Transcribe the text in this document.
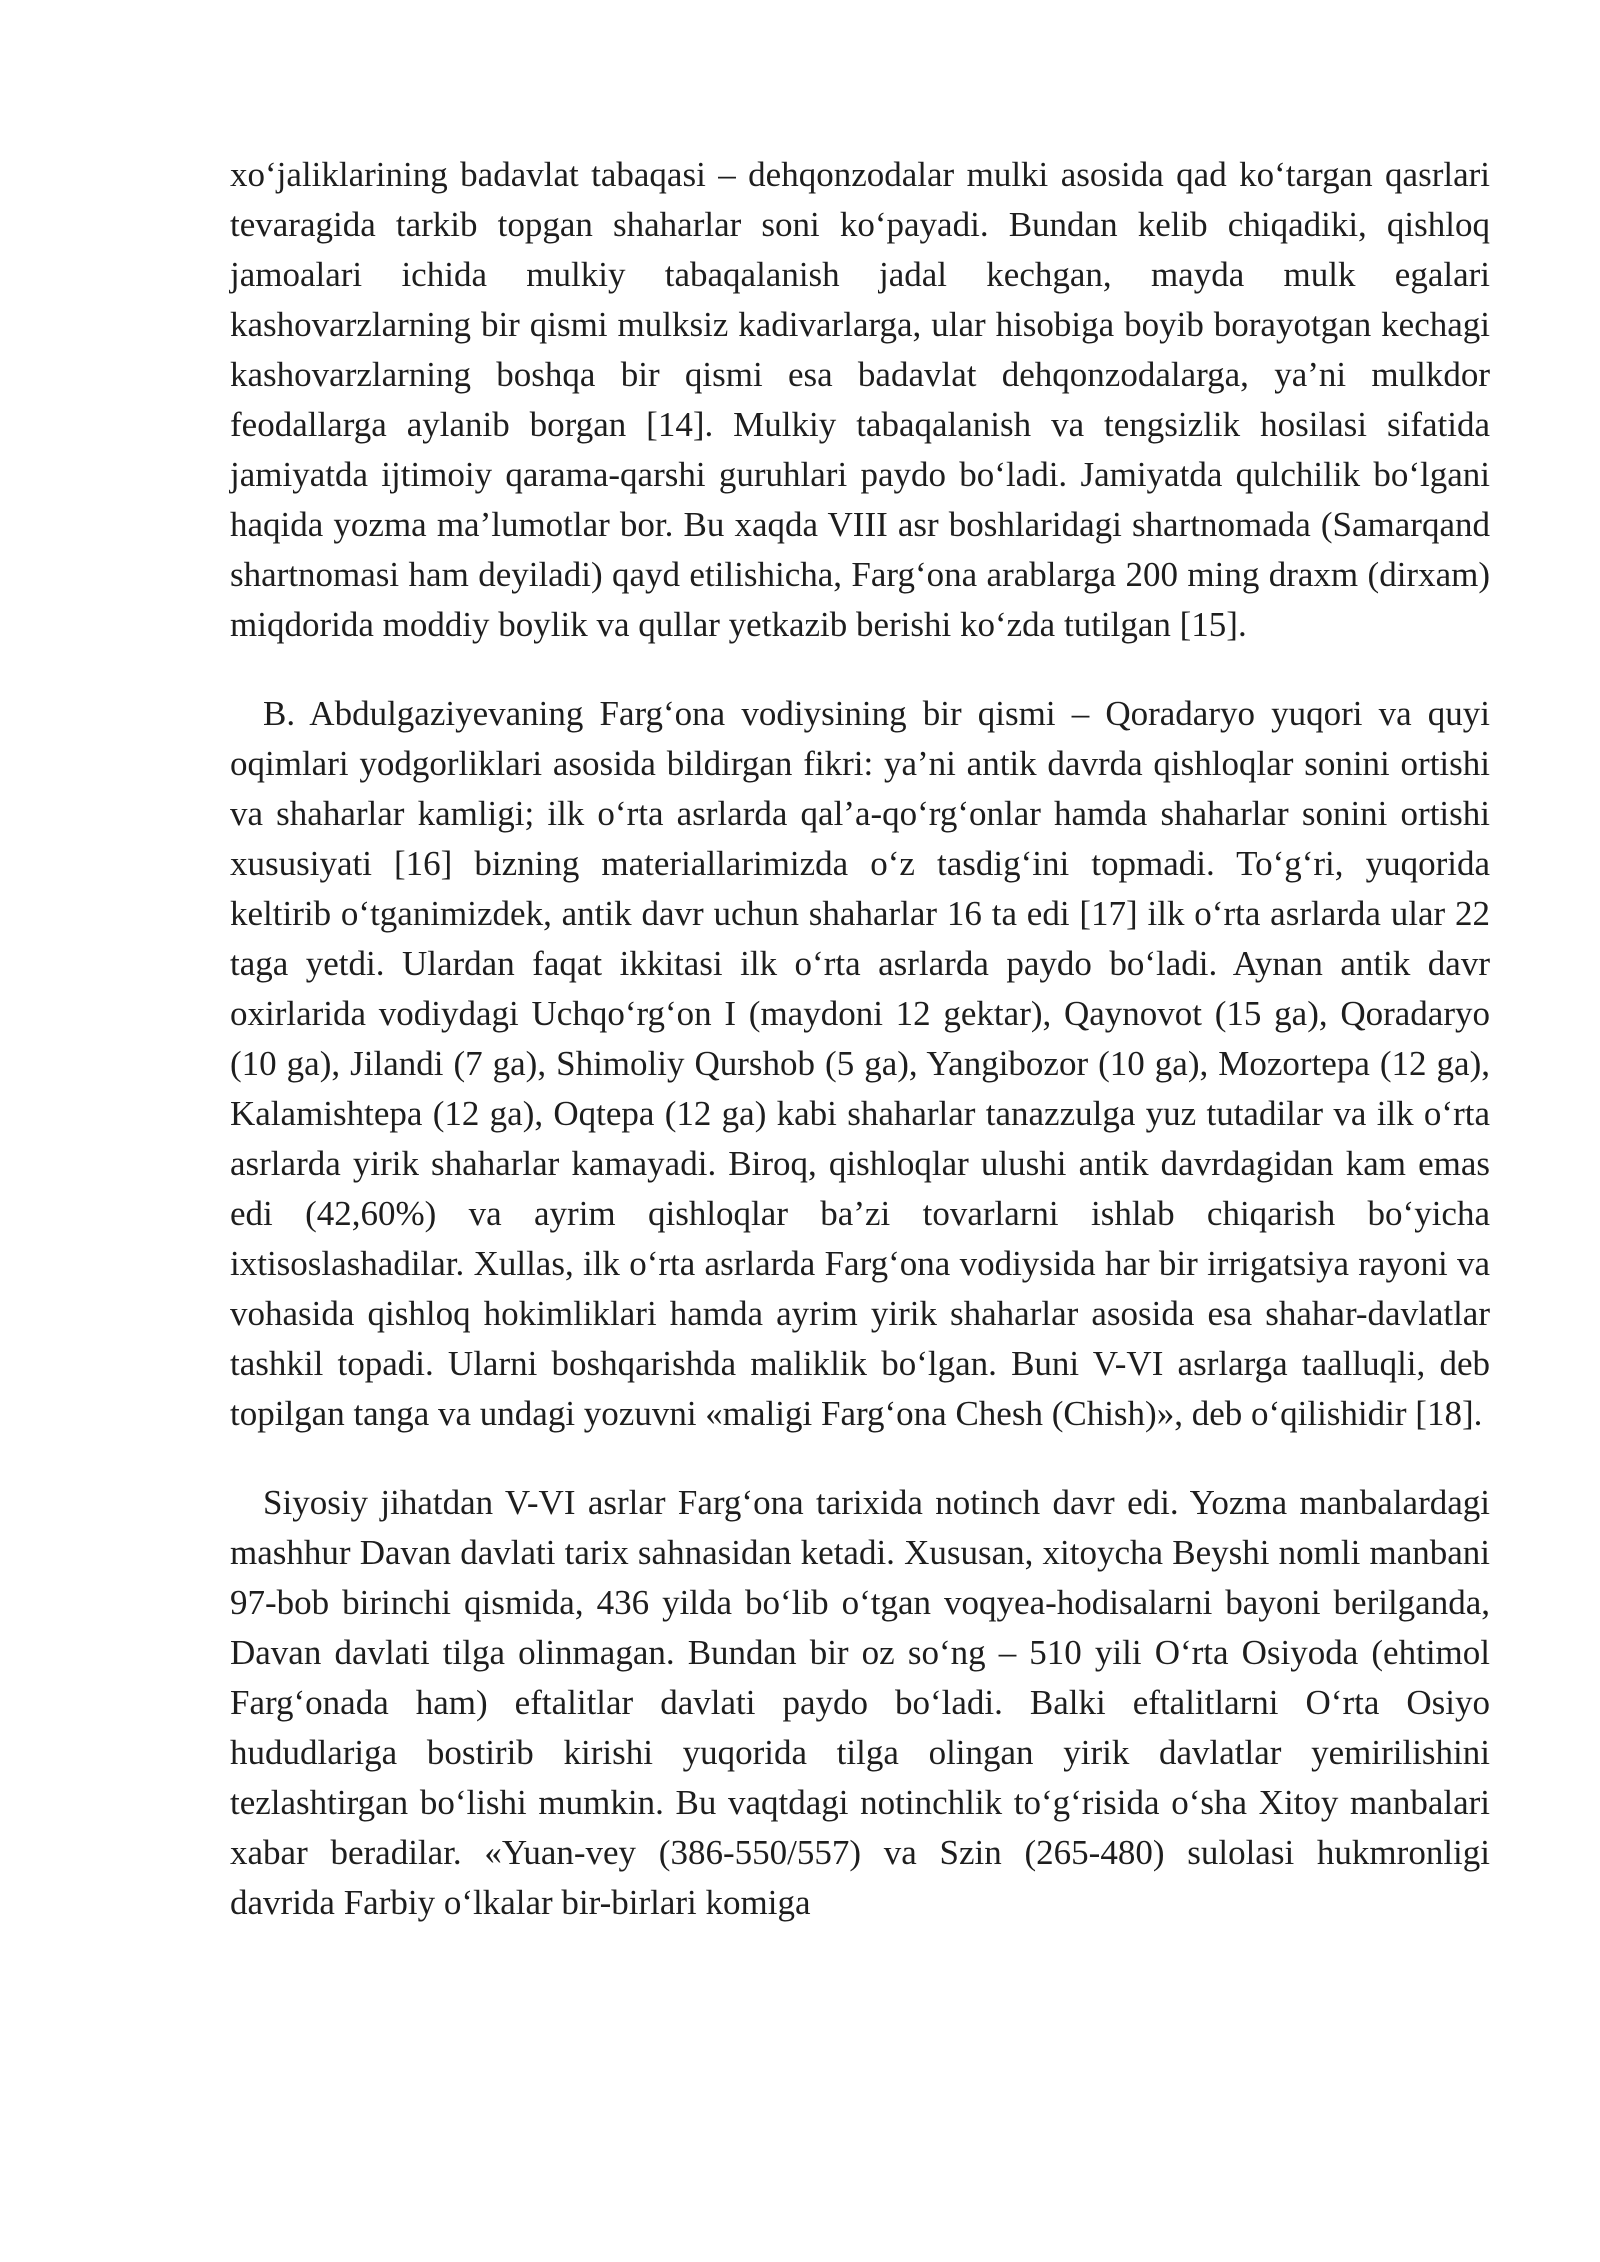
xo‘jaliklarining badavlat tabaqasi – dehqonzodalar mulki asosida qad ko‘targan qasrlari tevaragida tarkib topgan shaharlar soni ko‘payadi. Bundan kelib chiqadiki, qishloq jamoalari ichida mulkiy tabaqalanish jadal kechgan, mayda mulk egalari kashovarzlarning bir qismi mulksiz kadivarlarga, ular hisobiga boyib borayotgan kechagi kashovarzlarning boshqa bir qismi esa badavlat dehqonzodalarga, ya’ni mulkdor feodallarga aylanib borgan [14]. Mulkiy tabaqalanish va tengsizlik hosilasi sifatida jamiyatda ijtimoiy qarama-qarshi guruhlari paydo bo‘ladi. Jamiyatda qulchilik bo‘lgani haqida yozma ma’lumotlar bor. Bu xaqda VIII asr boshlaridagi shartnomada (Samarqand shartnomasi ham deyiladi) qayd etilishicha, Farg‘ona arablarga 200 ming draxm (dirxam) miqdorida moddiy boylik va qullar yetkazib berishi ko‘zda tutilgan [15].

B. Abdulgaziyevaning Farg‘ona vodiysining bir qismi – Qoradaryo yuqori va quyi oqimlari yodgorliklari asosida bildirgan fikri: ya’ni antik davrda qishloqlar sonini ortishi va shaharlar kamligi; ilk o‘rta asrlarda qal’a-qo‘rg‘onlar hamda shaharlar sonini ortishi xususiyati [16] bizning materiallarimizda o‘z tasdig‘ini topmadi. To‘g‘ri, yuqorida keltirib o‘tganimizdek, antik davr uchun shaharlar 16 ta edi [17] ilk o‘rta asrlarda ular 22 taga yetdi. Ulardan faqat ikkitasi ilk o‘rta asrlarda paydo bo‘ladi. Aynan antik davr oxirlarida vodiydagi Uchqo‘rg‘on I (maydoni 12 gektar), Qaynovot (15 ga), Qoradaryo (10 ga), Jilandi (7 ga), Shimoliy Qurshob (5 ga), Yangibozor (10 ga), Mozortepa (12 ga), Kalamishtepa (12 ga), Oqtepa (12 ga) kabi shaharlar tanazzulga yuz tutadilar va ilk o‘rta asrlarda yirik shaharlar kamayadi. Biroq, qishloqlar ulushi antik davrdagidan kam emas edi (42,60%) va ayrim qishloqlar ba’zi tovarlarni ishlab chiqarish bo‘yicha ixtisoslashadilar. Xullas, ilk o‘rta asrlarda Farg‘ona vodiysida har bir irrigatsiya rayoni va vohasida qishloq hokimliklari hamda ayrim yirik shaharlar asosida esa shahar-davlatlar tashkil topadi. Ularni boshqarishda maliklik bo‘lgan. Buni V-VI asrlarga taalluqli, deb topilgan tanga va undagi yozuvni «maligi Farg‘ona Chesh (Chish)», deb o‘qilishidir [18].

Siyosiy jihatdan V-VI asrlar Farg‘ona tarixida notinch davr edi. Yozma manbalardagi mashhur Davan davlati tarix sahnasidan ketadi. Xususan, xitoycha Beyshi nomli manbani 97-bob birinchi qismida, 436 yilda bo‘lib o‘tgan voqyea-hodisalarni bayoni berilganda, Davan davlati tilga olinmagan. Bundan bir oz so‘ng – 510 yili O‘rta Osiyoda (ehtimol Farg‘onada ham) eftalitlar davlati paydo bo‘ladi. Balki eftalitlarni O‘rta Osiyo hududlariga bostirib kirishi yuqorida tilga olingan yirik davlatlar yemirilishini tezlashtirgan bo‘lishi mumkin. Bu vaqtdagi notinchlik to‘g‘risida o‘sha Xitoy manbalari xabar beradilar. «Yuan-vey (386-550/557) va Szin (265-480) sulolasi hukmronligi davrida Farbiy o‘lkalar bir-birlari komiga
